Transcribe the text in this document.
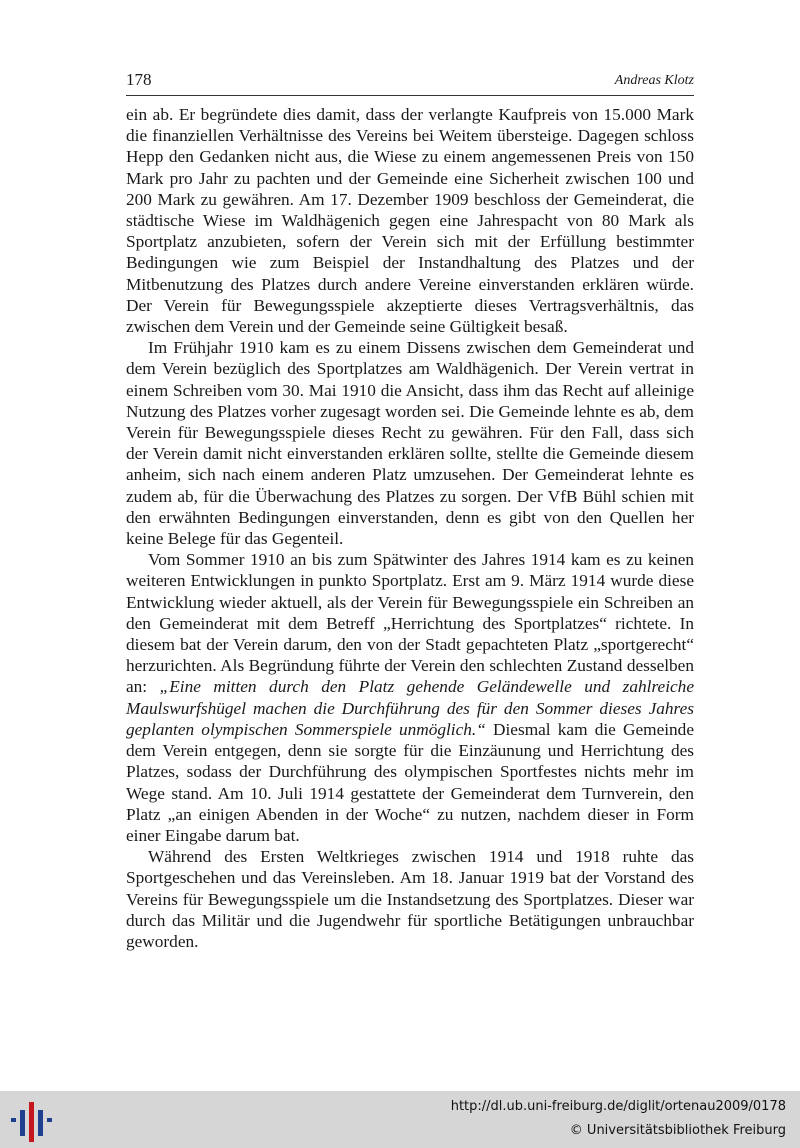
178	Andreas Klotz

ein ab. Er begründete dies damit, dass der verlangte Kaufpreis von 15.000 Mark die finanziellen Verhältnisse des Vereins bei Weitem übersteige. Dagegen schloss Hepp den Gedanken nicht aus, die Wiese zu einem angemessenen Preis von 150 Mark pro Jahr zu pachten und der Gemeinde eine Sicherheit zwischen 100 und 200 Mark zu gewähren. Am 17. Dezember 1909 beschloss der Gemeinderat, die städtische Wiese im Waldhägenich gegen eine Jahrespacht von 80 Mark als Sportplatz anzubieten, sofern der Verein sich mit der Erfüllung bestimmter Bedingungen wie zum Beispiel der Instandhaltung des Platzes und der Mitbenutzung des Platzes durch andere Vereine einverstanden erklären würde. Der Verein für Bewegungsspiele akzeptierte dieses Vertragsverhältnis, das zwischen dem Verein und der Gemeinde seine Gültigkeit besaß.

Im Frühjahr 1910 kam es zu einem Dissens zwischen dem Gemeinderat und dem Verein bezüglich des Sportplatzes am Waldhägenich. Der Verein vertrat in einem Schreiben vom 30. Mai 1910 die Ansicht, dass ihm das Recht auf alleinige Nutzung des Platzes vorher zugesagt worden sei. Die Gemeinde lehnte es ab, dem Verein für Bewegungsspiele dieses Recht zu gewähren. Für den Fall, dass sich der Verein damit nicht einverstanden erklären sollte, stellte die Gemeinde diesem anheim, sich nach einem anderen Platz umzusehen. Der Gemeinderat lehnte es zudem ab, für die Überwachung des Platzes zu sorgen. Der VfB Bühl schien mit den erwähnten Bedingungen einverstanden, denn es gibt von den Quellen her keine Belege für das Gegenteil.

Vom Sommer 1910 an bis zum Spätwinter des Jahres 1914 kam es zu keinen weiteren Entwicklungen in punkto Sportplatz. Erst am 9. März 1914 wurde diese Entwicklung wieder aktuell, als der Verein für Bewegungsspiele ein Schreiben an den Gemeinderat mit dem Betreff „Herrichtung des Sportplatzes“ richtete. In diesem bat der Verein darum, den von der Stadt gepachteten Platz „sportgerecht“ herzurichten. Als Begründung führte der Verein den schlechten Zustand desselben an: „Eine mitten durch den Platz gehende Geländewelle und zahlreiche Maulswurfshügel machen die Durchführung des für den Sommer dieses Jahres geplanten olympischen Sommerspiele unmöglich.“ Diesmal kam die Gemeinde dem Verein entgegen, denn sie sorgte für die Einzäunung und Herrichtung des Platzes, sodass der Durchführung des olympischen Sportfestes nichts mehr im Wege stand. Am 10. Juli 1914 gestattete der Gemeinderat dem Turnverein, den Platz „an einigen Abenden in der Woche“ zu nutzen, nachdem dieser in Form einer Eingabe darum bat.

Während des Ersten Weltkrieges zwischen 1914 und 1918 ruhte das Sportgeschehen und das Vereinsleben. Am 18. Januar 1919 bat der Vorstand des Vereins für Bewegungsspiele um die Instandsetzung des Sportplatzes. Dieser war durch das Militär und die Jugendwehr für sportliche Betätigungen unbrauchbar geworden.

http://dl.ub.uni-freiburg.de/diglit/ortenau2009/0178
© Universitätsbibliothek Freiburg
